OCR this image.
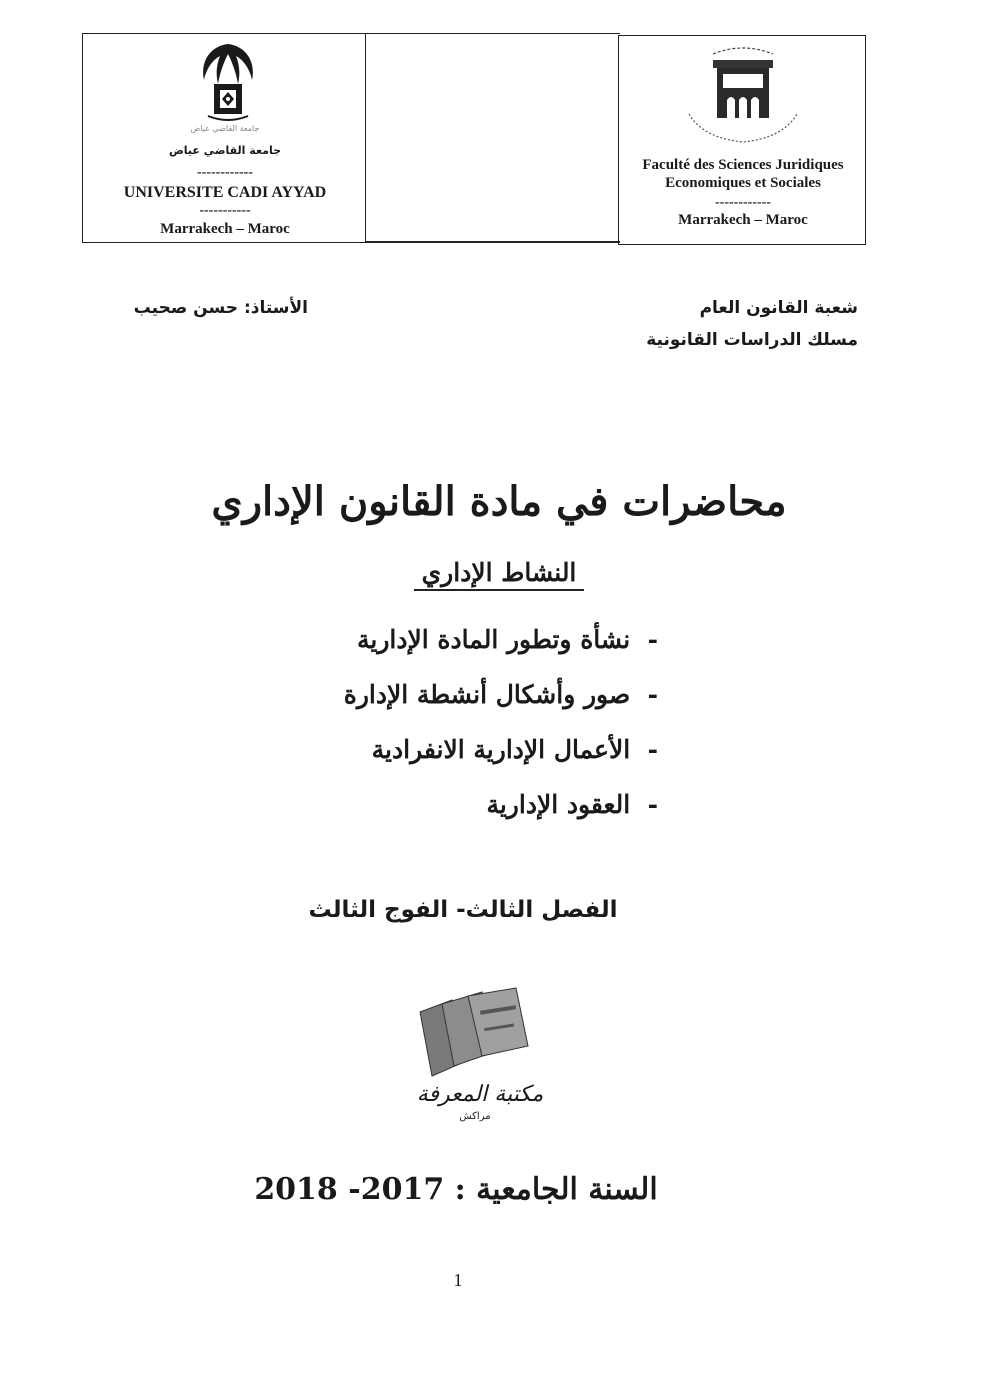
جامعة القاضي عياض
جامعة القاضي عياض
------------
UNIVERSITE CADI AYYAD
-----------
Marrakech – Maroc
Faculté des Sciences Juridiques
Economiques et Sociales
------------
Marrakech – Maroc
شعبة القانون العام
مسلك الدراسات القانونية
الأستاذ: حسن صحيب
محاضرات في مادة القانون الإداري
النشاط الإداري
-  نشأة وتطور المادة الإدارية
-  صور وأشكال أنشطة الإدارة
-  الأعمال الإدارية الانفرادية
-  العقود الإدارية
الفصل الثالث- الفوج الثالث
مكتبة المعرفة
مراكش
السنة الجامعية : 2017- 2018
1
